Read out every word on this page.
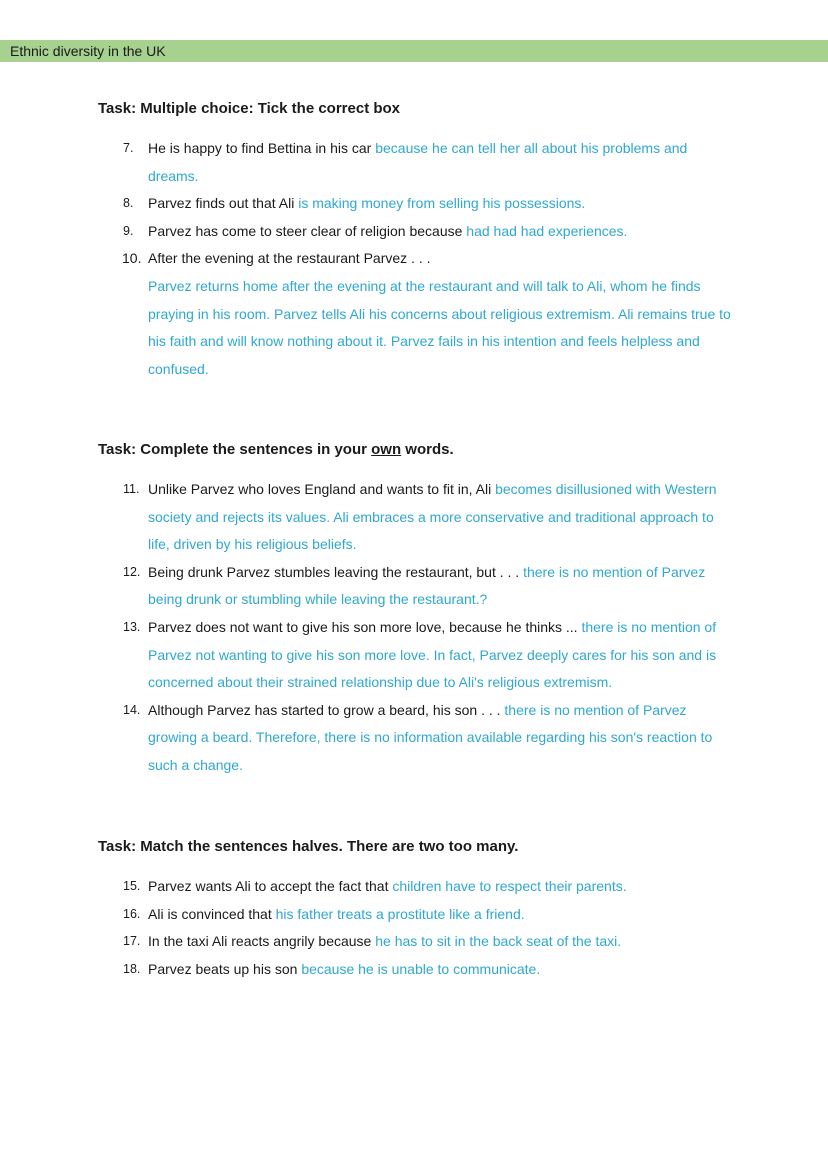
Ethnic diversity in the UK

Task: Multiple choice: Tick the correct box

7. He is happy to find Bettina in his car because he can tell her all about his problems and dreams.
8. Parvez finds out that Ali is making money from selling his possessions.
9. Parvez has come to steer clear of religion because had had had experiences.
10. After the evening at the restaurant Parvez . . .
Parvez returns home after the evening at the restaurant and will talk to Ali, whom he finds praying in his room. Parvez tells Ali his concerns about religious extremism. Ali remains true to his faith and will know nothing about it. Parvez fails in his intention and feels helpless and confused.

Task: Complete the sentences in your own words.

11. Unlike Parvez who loves England and wants to fit in, Ali becomes disillusioned with Western society and rejects its values. Ali embraces a more conservative and traditional approach to life, driven by his religious beliefs.
12. Being drunk Parvez stumbles leaving the restaurant, but . . . there is no mention of Parvez being drunk or stumbling while leaving the restaurant.?
13. Parvez does not want to give his son more love, because he thinks ... there is no mention of Parvez not wanting to give his son more love. In fact, Parvez deeply cares for his son and is concerned about their strained relationship due to Ali's religious extremism.
14. Although Parvez has started to grow a beard, his son . . . there is no mention of Parvez growing a beard. Therefore, there is no information available regarding his son's reaction to such a change.

Task: Match the sentences halves. There are two too many.

15. Parvez wants Ali to accept the fact that children have to respect their parents.
16. Ali is convinced that his father treats a prostitute like a friend.
17. In the taxi Ali reacts angrily because he has to sit in the back seat of the taxi.
18. Parvez beats up his son because he is unable to communicate.
